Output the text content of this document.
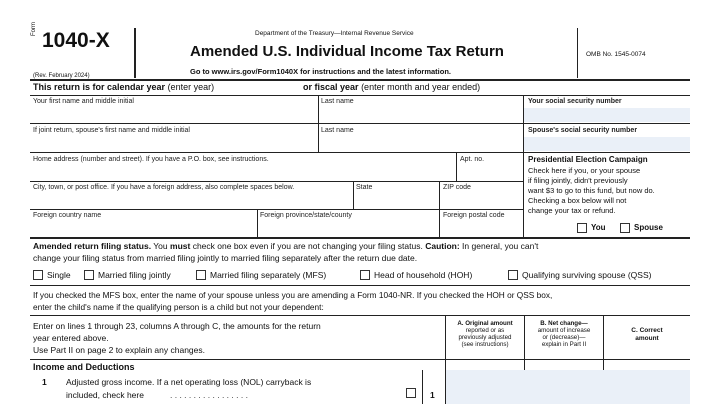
Form 1040-X
(Rev. February 2024)
Department of the Treasury—Internal Revenue Service
Amended U.S. Individual Income Tax Return
Go to www.irs.gov/Form1040X for instructions and the latest information.
OMB No. 1545-0074
This return is for calendar year (enter year)	or fiscal year (enter month and year ended)
Your first name and middle initial	Last name	Your social security number
If joint return, spouse's first name and middle initial	Last name	Spouse's social security number
Home address (number and street). If you have a P.O. box, see instructions.	Apt. no.
City, town, or post office. If you have a foreign address, also complete spaces below.	State	ZIP code
Foreign country name	Foreign province/state/county	Foreign postal code
Presidential Election Campaign
Check here if you, or your spouse
if filing jointly, didn't previously
want $3 to go to this fund, but now do.
Checking a box below will not
change your tax or refund.
You	Spouse
Amended return filing status. You must check one box even if you are not changing your filing status. Caution: In general, you can't
change your filing status from married filing jointly to married filing separately after the return due date.
Single	Married filing jointly	Married filing separately (MFS)	Head of household (HOH)	Qualifying surviving spouse (QSS)
If you checked the MFS box, enter the name of your spouse unless you are amending a Form 1040-NR. If you checked the HOH or QSS box,
enter the child's name if the qualifying person is a child but not your dependent:
Enter on lines 1 through 23, columns A through C, the amounts for the return
year entered above.
Use Part II on page 2 to explain any changes.
A. Original amount
reported or as
previously adjusted
(see instructions)
B. Net change—
amount of increase
or (decrease)—
explain in Part II
C. Correct
amount
Income and Deductions
1 Adjusted gross income. If a net operating loss (NOL) carryback is
included, check here	. . . . . . . . . . . . . . . . .	1
